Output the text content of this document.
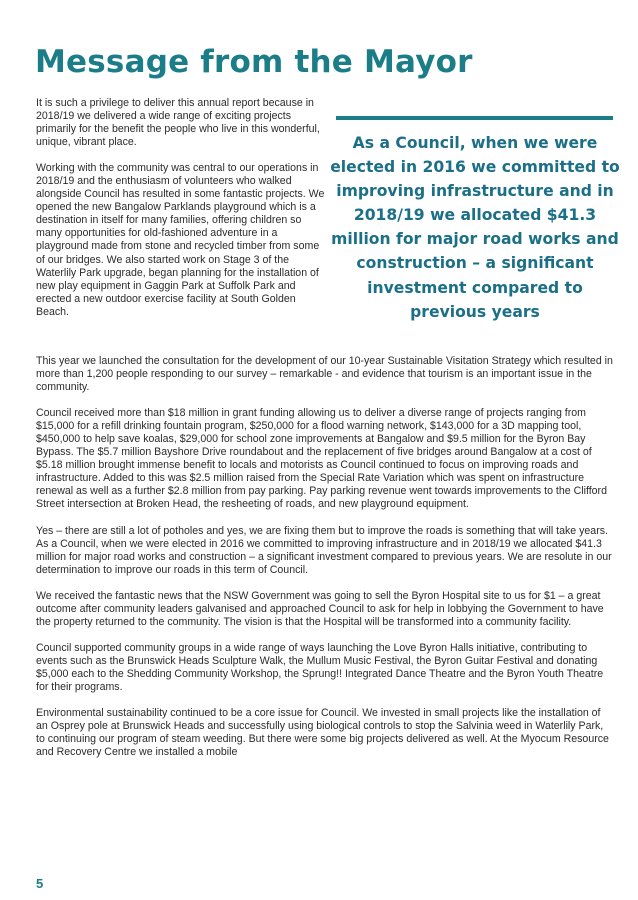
Message from the Mayor

It is such a privilege to deliver this annual report because in 2018/19 we delivered a wide range of exciting projects primarily for the benefit the people who live in this wonderful, unique, vibrant place.

Working with the community was central to our operations in 2018/19 and the enthusiasm of volunteers who walked alongside Council has resulted in some fantastic projects. We opened the new Bangalow Parklands playground which is a destination in itself for many families, offering children so many opportunities for old-fashioned adventure in a playground made from stone and recycled timber from some of our bridges. We also started work on Stage 3 of the Waterlily Park upgrade, began planning for the installation of new play equipment in Gaggin Park at Suffolk Park and erected a new outdoor exercise facility at South Golden Beach.

As a Council, when we were elected in 2016 we committed to improving infrastructure and in 2018/19 we allocated $41.3 million for major road works and construction – a significant investment compared to previous years

This year we launched the consultation for the development of our 10-year Sustainable Visitation Strategy which resulted in more than 1,200 people responding to our survey – remarkable - and evidence that tourism is an important issue in the community.

Council received more than $18 million in grant funding allowing us to deliver a diverse range of projects ranging from $15,000 for a refill drinking fountain program, $250,000 for a flood warning network, $143,000 for a 3D mapping tool, $450,000 to help save koalas, $29,000 for school zone improvements at Bangalow and $9.5 million for the Byron Bay Bypass. The $5.7 million Bayshore Drive roundabout and the replacement of five bridges around Bangalow at a cost of $5.18 million brought immense benefit to locals and motorists as Council continued to focus on improving roads and infrastructure. Added to this was $2.5 million raised from the Special Rate Variation which was spent on infrastructure renewal as well as a further $2.8 million from pay parking. Pay parking revenue went towards improvements to the Clifford Street intersection at Broken Head, the resheeting of roads, and new playground equipment.

Yes – there are still a lot of potholes and yes, we are fixing them but to improve the roads is something that will take years. As a Council, when we were elected in 2016 we committed to improving infrastructure and in 2018/19 we allocated $41.3 million for major road works and construction – a significant investment compared to previous years. We are resolute in our determination to improve our roads in this term of Council.

We received the fantastic news that the NSW Government was going to sell the Byron Hospital site to us for $1 – a great outcome after community leaders galvanised and approached Council to ask for help in lobbying the Government to have the property returned to the community. The vision is that the Hospital will be transformed into a community facility.

Council supported community groups in a wide range of ways launching the Love Byron Halls initiative, contributing to events such as the Brunswick Heads Sculpture Walk, the Mullum Music Festival, the Byron Guitar Festival and donating $5,000 each to the Shedding Community Workshop, the Sprung!! Integrated Dance Theatre and the Byron Youth Theatre for their programs.

Environmental sustainability continued to be a core issue for Council. We invested in small projects like the installation of an Osprey pole at Brunswick Heads and successfully using biological controls to stop the Salvinia weed in Waterlily Park, to continuing our program of steam weeding. But there were some big projects delivered as well. At the Myocum Resource and Recovery Centre we installed a mobile

5
